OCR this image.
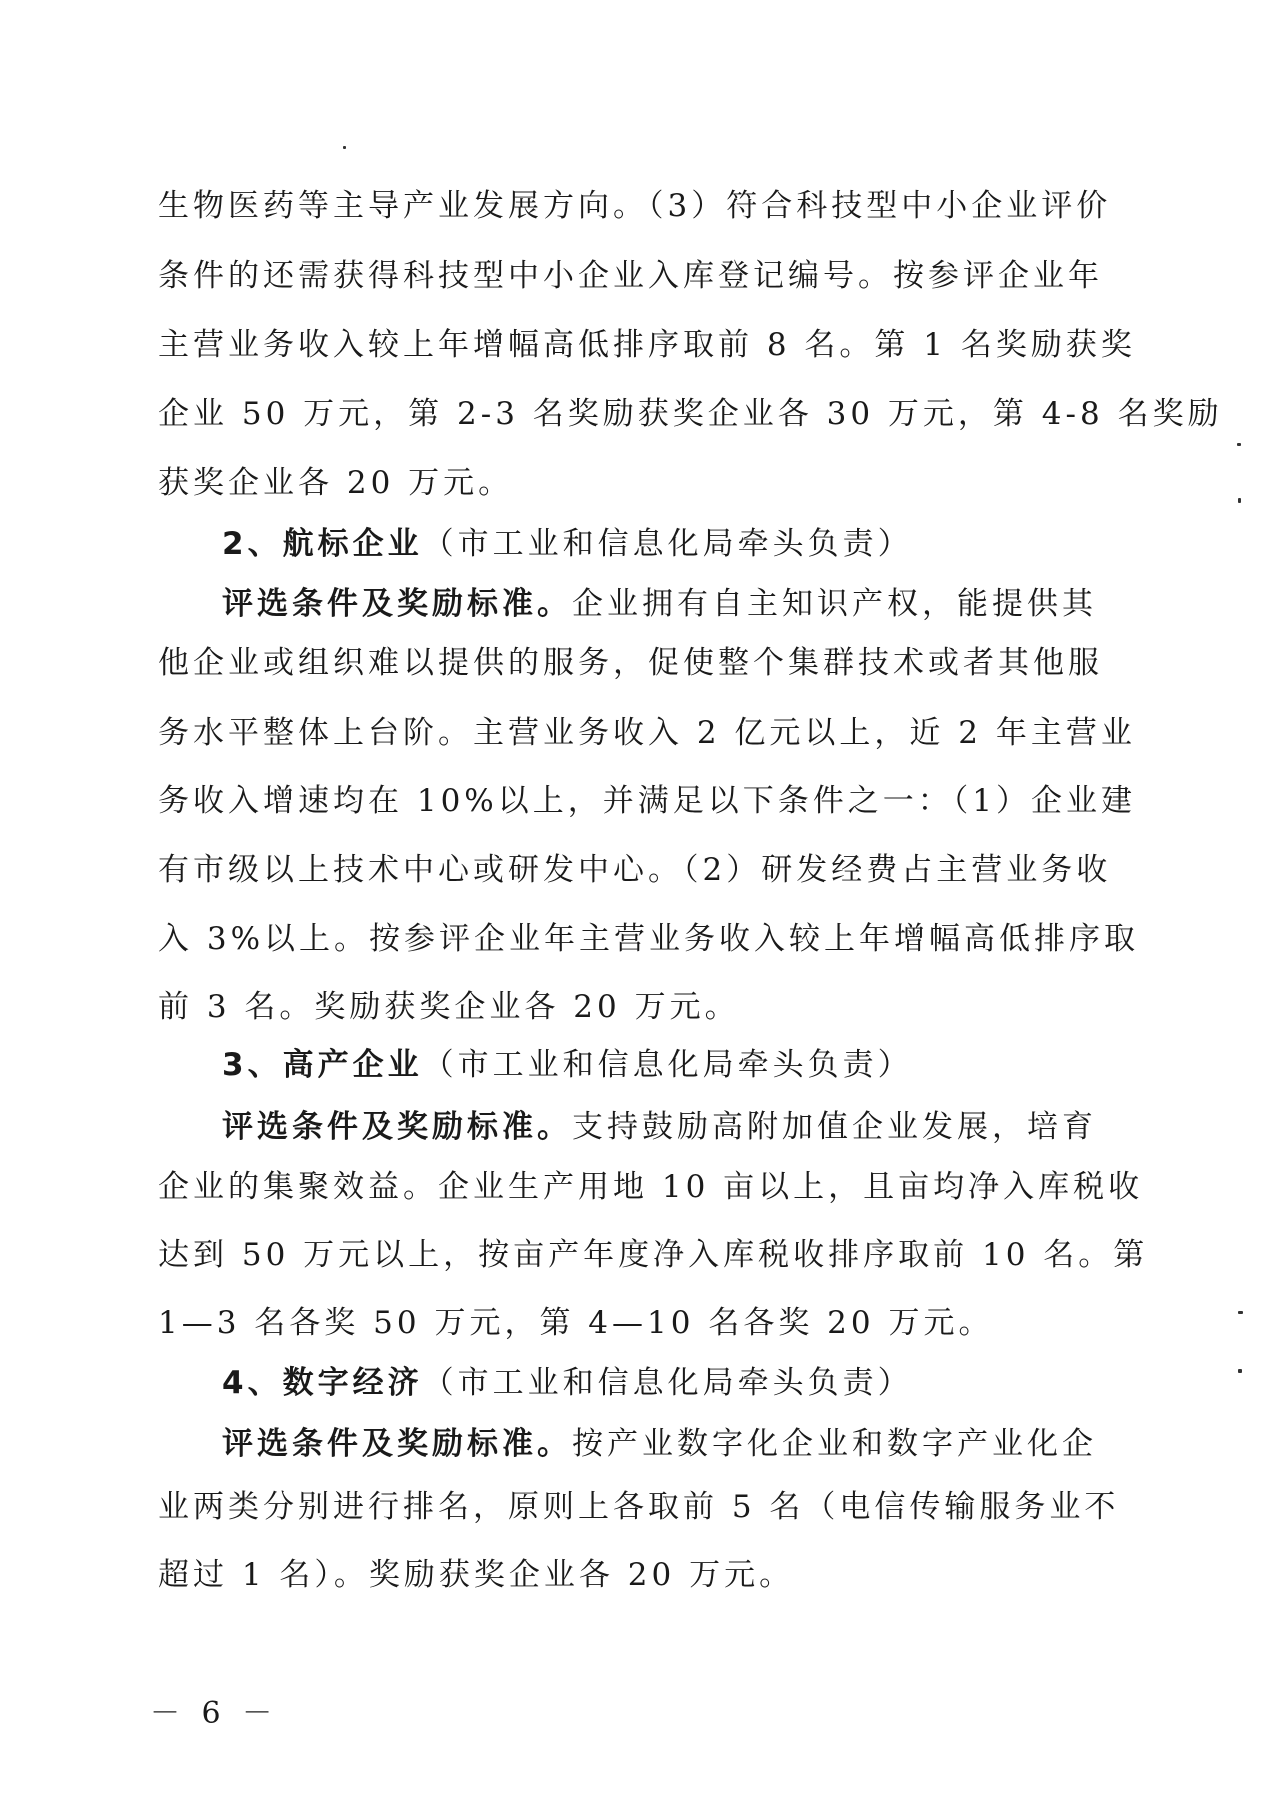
生物医药等主导产业发展方向。（3）符合科技型中小企业评价
条件的还需获得科技型中小企业入库登记编号。按参评企业年
主营业务收入较上年增幅高低排序取前 8 名。第 1 名奖励获奖
企业 50 万元，第 2-3 名奖励获奖企业各 30 万元，第 4-8 名奖励
获奖企业各 20 万元。
2、航标企业（市工业和信息化局牵头负责）
评选条件及奖励标准。企业拥有自主知识产权，能提供其
他企业或组织难以提供的服务，促使整个集群技术或者其他服
务水平整体上台阶。主营业务收入 2 亿元以上，近 2 年主营业
务收入增速均在 10%以上，并满足以下条件之一：（1）企业建
有市级以上技术中心或研发中心。（2）研发经费占主营业务收
入 3%以上。按参评企业年主营业务收入较上年增幅高低排序取
前 3 名。奖励获奖企业各 20 万元。
3、高产企业（市工业和信息化局牵头负责）
评选条件及奖励标准。支持鼓励高附加值企业发展，培育
企业的集聚效益。企业生产用地 10 亩以上，且亩均净入库税收
达到 50 万元以上，按亩产年度净入库税收排序取前 10 名。第
1—3 名各奖 50 万元，第 4—10 名各奖 20 万元。
4、数字经济（市工业和信息化局牵头负责）
评选条件及奖励标准。按产业数字化企业和数字产业化企
业两类分别进行排名，原则上各取前 5 名（电信传输服务业不
超过 1 名）。奖励获奖企业各 20 万元。
－ 6 －
